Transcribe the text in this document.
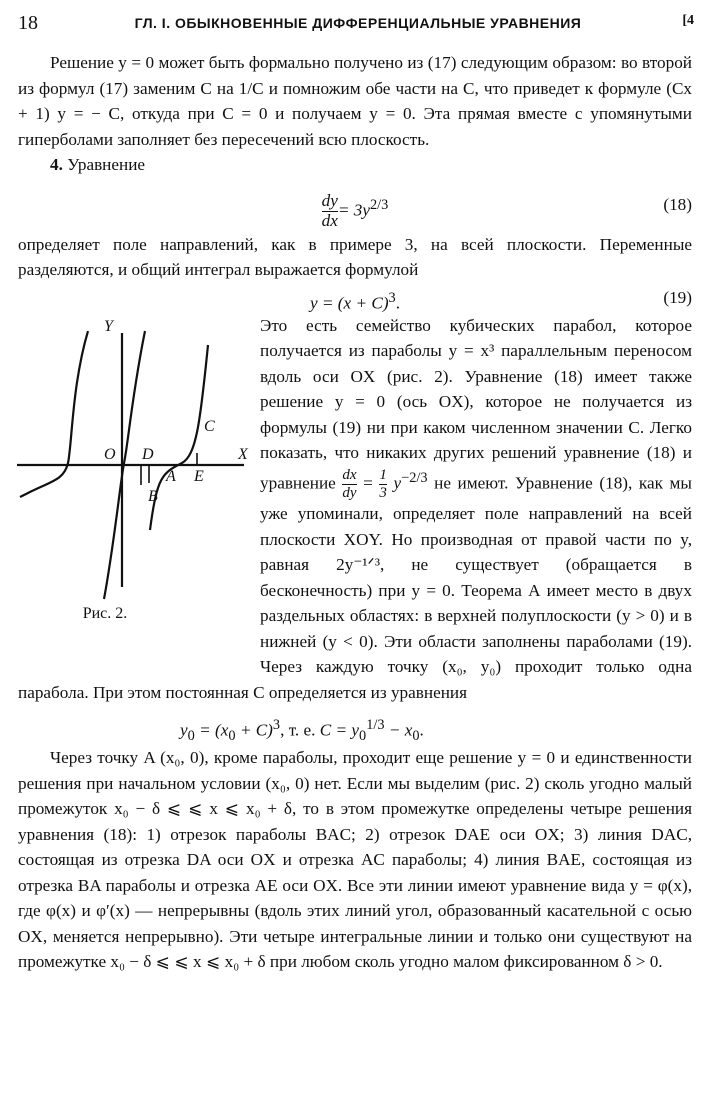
18	ГЛ. I. ОБЫКНОВЕННЫЕ ДИФФЕРЕНЦИАЛЬНЫЕ УРАВНЕНИЯ	[4

Решение y = 0 может быть формально получено из (17) следующим образом: во второй из формул (17) заменим C на 1/C и помножим обе части на C, что приведет к формуле (Cx + 1) y = − C, откуда при C = 0 и получаем y = 0. Эта прямая вместе с упомянутыми гиперболами заполняет без пересечений всю плоскость.

4. Уравнение

$\frac{dy}{dx} = 3y^{2/3}$	(18)

определяет поле направлений, как в примере 3, на всей плоскости. Переменные разделяются, и общий интеграл выражается формулой

$y = (x + C)^3$.	(19)

Y
X
O D
A E
B
C
Рис. 2.
Это есть семейство кубических парабол, которое получается из параболы y = x³ параллельным переносом вдоль оси OX (рис. 2). Уравнение (18) имеет также решение y = 0 (ось OX), которое не получается из формулы (19) ни при каком численном значении C. Легко показать, что никаких других решений уравнение (18) и уравнение $\frac{dx}{dy} = \frac{1}{3} y^{-2/3}$ не имеют. Уравнение (18), как мы уже упоминали, определяет поле направлений на всей плоскости XOY. Но производная от правой части по y, равная 2y⁻¹ᐟ³, не существует (обращается в бесконечность) при y = 0. Теорема А имеет место в двух раздельных областях: в верхней полуплоскости (y > 0) и в нижней (y < 0). Эти области заполнены параболами (19). Через каждую точку (x₀, y₀) проходит только одна парабола. При этом постоянная C определяется из уравнения

$y_0 = (x_0 + C)^3$, т. е. $C = y_0^{1/3} - x_0$.

Через точку A (x₀, 0), кроме параболы, проходит еще решение y = 0 и единственности решения при начальном условии (x₀, 0) нет. Если мы выделим (рис. 2) сколь угодно малый промежуток x₀ − δ ⩽ ⩽ x ⩽ x₀ + δ, то в этом промежутке определены четыре решения уравнения (18): 1) отрезок параболы BAC; 2) отрезок DAE оси OX; 3) линия DAC, состоящая из отрезка DA оси OX и отрезка AC параболы; 4) линия BAE, состоящая из отрезка BA параболы и отрезка AE оси OX. Все эти линии имеют уравнение вида y = φ(x), где φ(x) и φ′(x) — непрерывны (вдоль этих линий угол, образованный касательной с осью OX, меняется непрерывно). Эти четыре интегральные линии и только они существуют на промежутке x₀ − δ ⩽ ⩽ x ⩽ x₀ + δ при любом сколь угодно малом фиксированном δ > 0.
